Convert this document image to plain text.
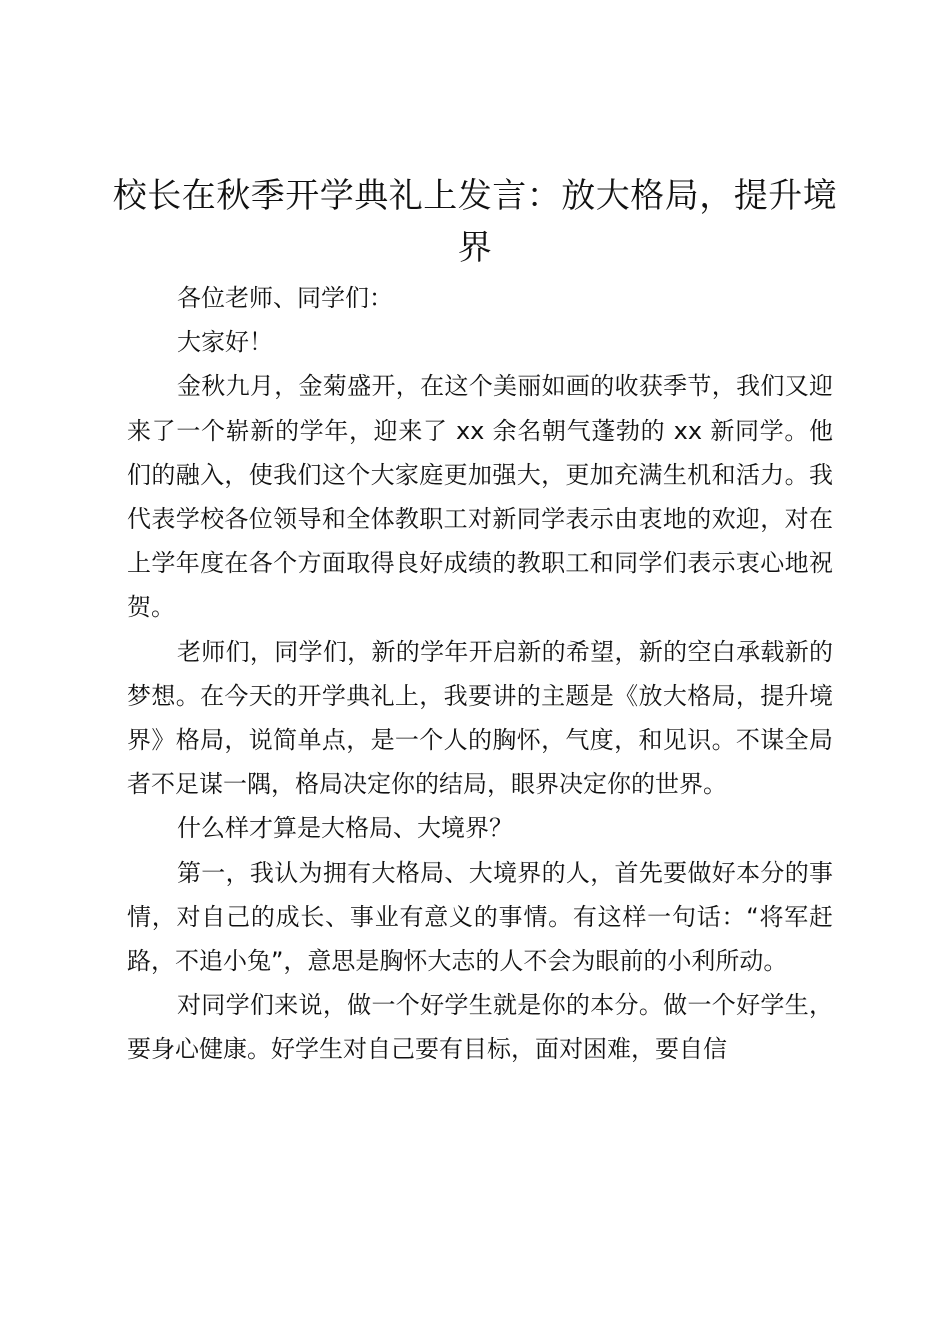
校长在秋季开学典礼上发言：放大格局，提升境界

各位老师、同学们：

大家好！

金秋九月，金菊盛开，在这个美丽如画的收获季节，我们又迎来了一个崭新的学年，迎来了 xx 余名朝气蓬勃的 xx 新同学。他们的融入，使我们这个大家庭更加强大，更加充满生机和活力。我代表学校各位领导和全体教职工对新同学表示由衷地的欢迎，对在上学年度在各个方面取得良好成绩的教职工和同学们表示衷心地祝贺。

老师们，同学们，新的学年开启新的希望，新的空白承载新的梦想。在今天的开学典礼上，我要讲的主题是《放大格局，提升境界》格局，说简单点，是一个人的胸怀，气度，和见识。不谋全局者不足谋一隅，格局决定你的结局，眼界决定你的世界。

什么样才算是大格局、大境界？

第一，我认为拥有大格局、大境界的人，首先要做好本分的事情，对自己的成长、事业有意义的事情。有这样一句话：“将军赶路，不追小兔”，意思是胸怀大志的人不会为眼前的小利所动。

对同学们来说，做一个好学生就是你的本分。做一个好学生，要身心健康。好学生对自己要有目标，面对困难，要自信
